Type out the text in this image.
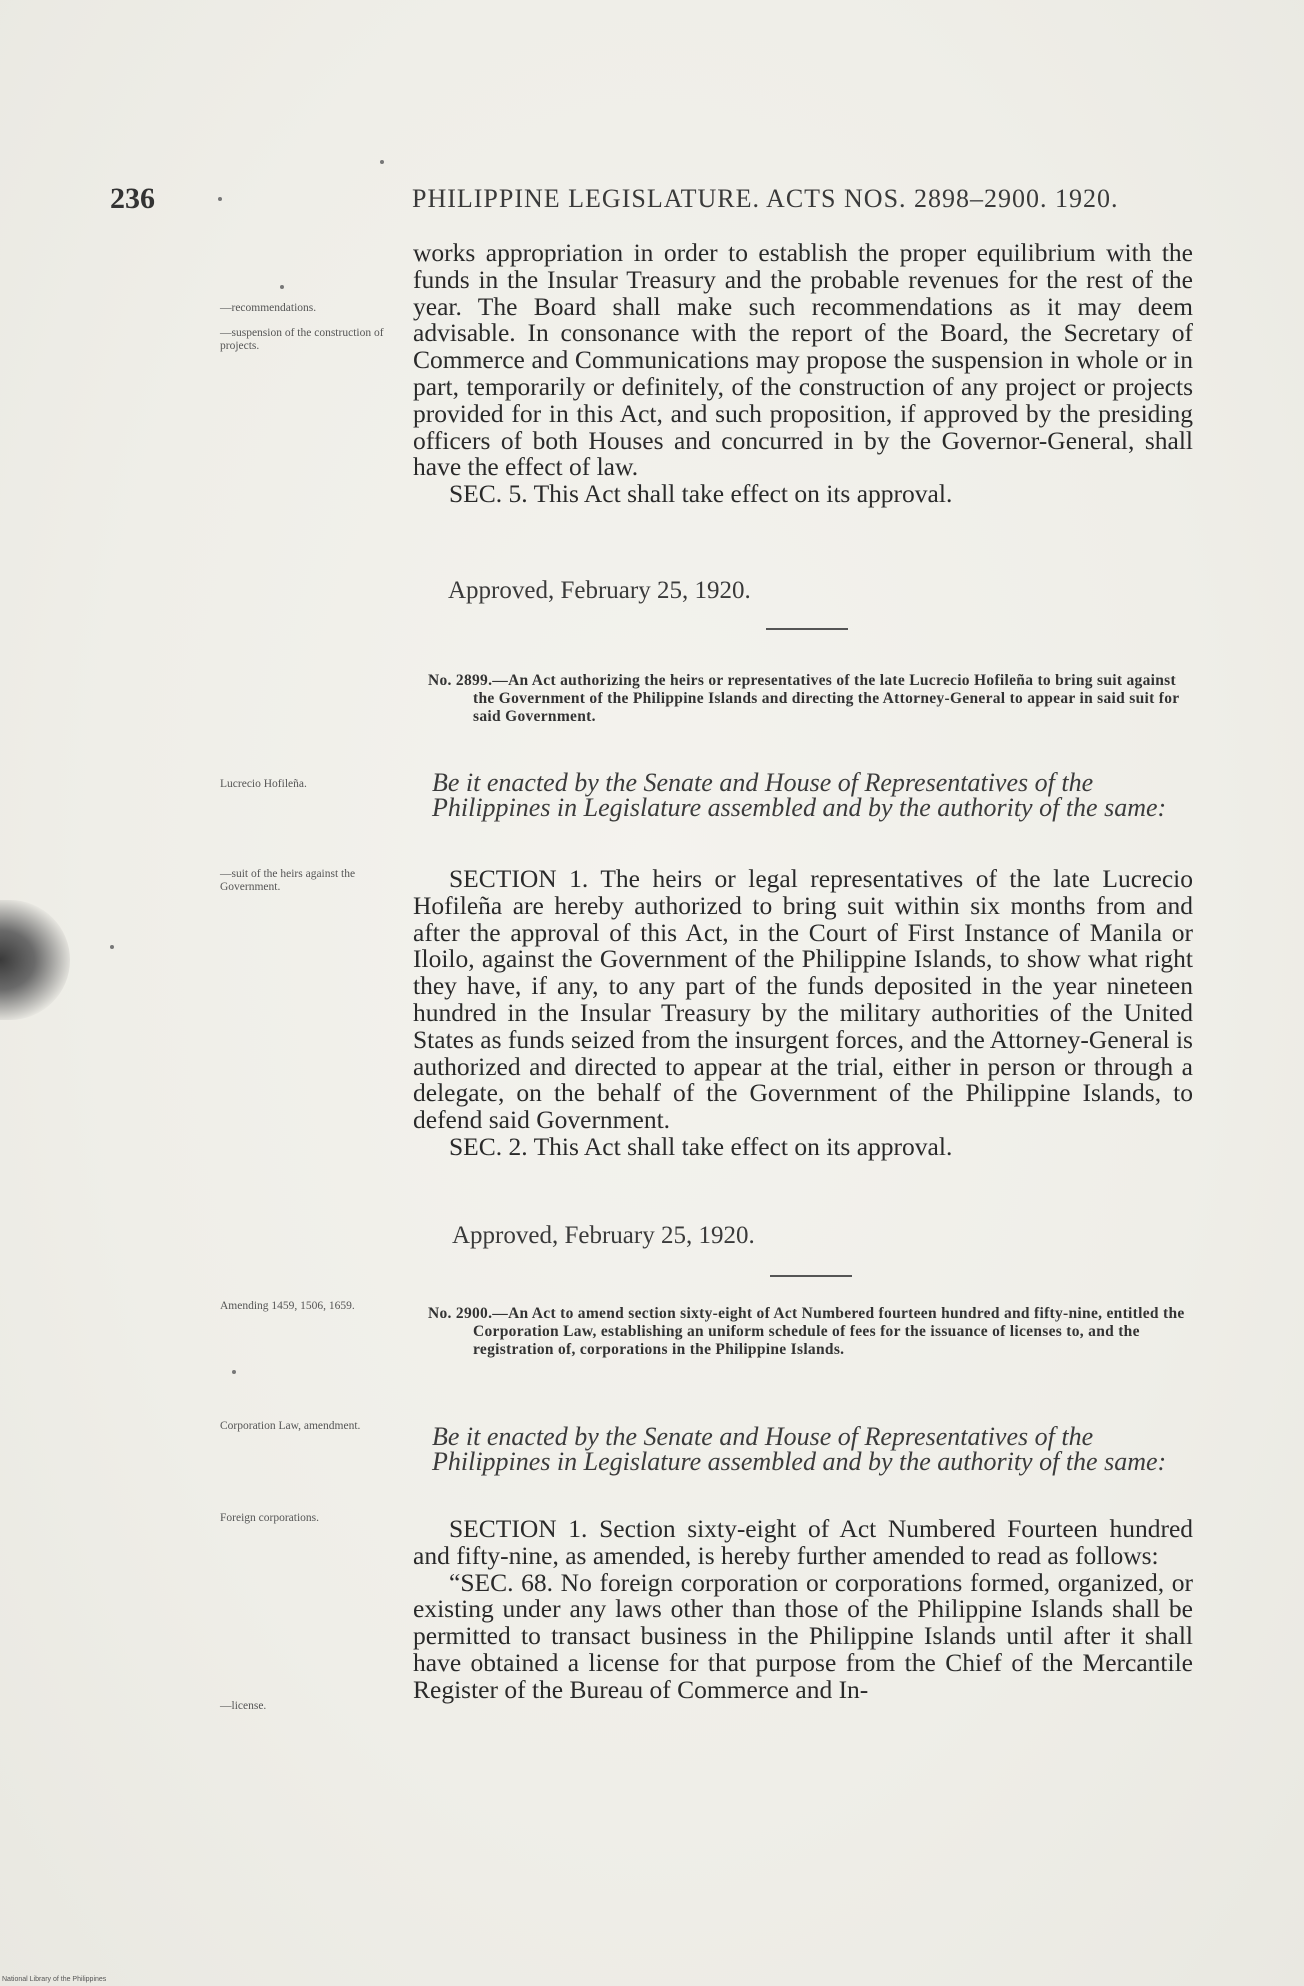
236	PHILIPPINE LEGISLATURE. ACTS NOS. 2898–2900. 1920.
—recommendations.
—suspension of the construction of projects.
Lucrecio Hofileña.
—suit of the heirs against the Government.
Amending 1459, 1506, 1659.
Corporation Law, amendment.
Foreign corporations.
—license.

works appropriation in order to establish the proper equilibrium with the funds in the Insular Treasury and the probable revenues for the rest of the year. The Board shall make such recommendations as it may deem advisable. In consonance with the report of the Board, the Secretary of Commerce and Communications may propose the suspension in whole or in part, temporarily or definitely, of the construction of any project or projects provided for in this Act, and such proposition, if approved by the presiding officers of both Houses and concurred in by the Governor-General, shall have the effect of law.

SEC. 5. This Act shall take effect on its approval.

Approved, February 25, 1920.
No. 2899.—An Act authorizing the heirs or representatives of the late Lucrecio Hofileña to bring suit against the Government of the Philippine Islands and directing the Attorney-General to appear in said suit for said Government.
Be it enacted by the Senate and House of Representatives of the Philippines in Legislature assembled and by the authority of the same:

SECTION 1. The heirs or legal representatives of the late Lucrecio Hofileña are hereby authorized to bring suit within six months from and after the approval of this Act, in the Court of First Instance of Manila or Iloilo, against the Government of the Philippine Islands, to show what right they have, if any, to any part of the funds deposited in the year nineteen hundred in the Insular Treasury by the military authorities of the United States as funds seized from the insurgent forces, and the Attorney-General is authorized and directed to appear at the trial, either in person or through a delegate, on the behalf of the Government of the Philippine Islands, to defend said Government.

SEC. 2. This Act shall take effect on its approval.

Approved, February 25, 1920.
No. 2900.—An Act to amend section sixty-eight of Act Numbered fourteen hundred and fifty-nine, entitled the Corporation Law, establishing an uniform schedule of fees for the issuance of licenses to, and the registration of, corporations in the Philippine Islands.
Be it enacted by the Senate and House of Representatives of the Philippines in Legislature assembled and by the authority of the same:

SECTION 1. Section sixty-eight of Act Numbered Fourteen hundred and fifty-nine, as amended, is hereby further amended to read as follows:

“SEC. 68. No foreign corporation or corporations formed, organized, or existing under any laws other than those of the Philippine Islands shall be permitted to transact business in the Philippine Islands until after it shall have obtained a license for that purpose from the Chief of the Mercantile Register of the Bureau of Commerce and In-

National Library of the Philippines
